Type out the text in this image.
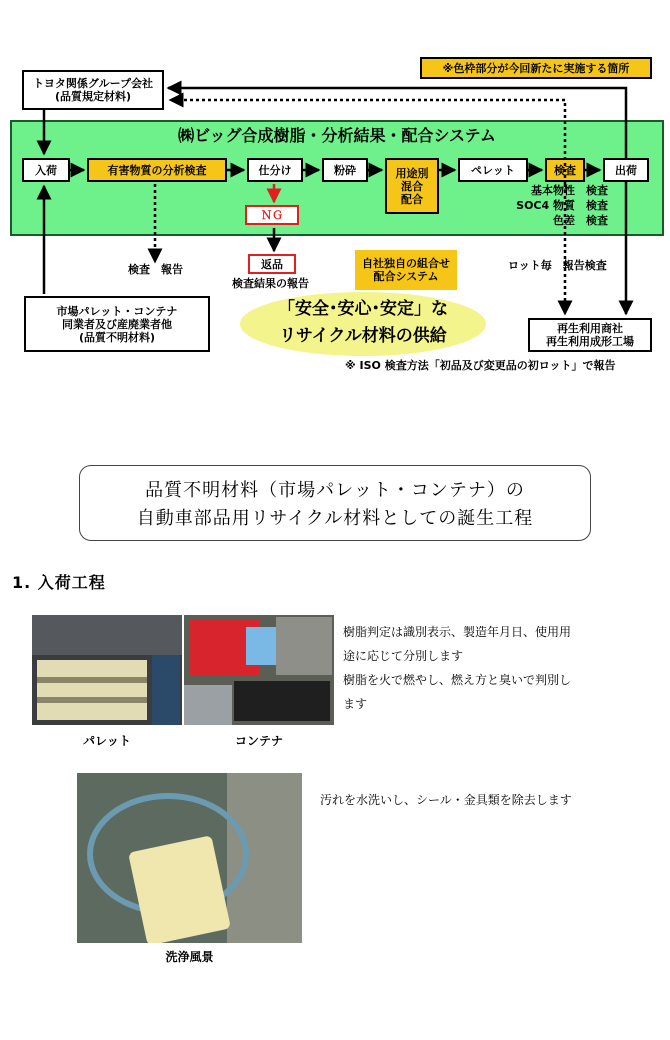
※色枠部分が今回新たに実施する箇所
トヨタ関係グループ会社
(品質規定材料)
㈱ビッグ合成樹脂・分析結果・配合システム
入荷	有害物質の分析検査	仕分け	粉砕	用途別
混合
配合
ペレット	検査	出荷
基本物性　検査
SOC4 物質　検査
色差　検査
ＮＧ
返品
検査結果の報告
検査　報告	自社独自の組合せ
配合システム
ロット毎　報告検査
市場パレット・コンテナ
同業者及び産廃業者他
(品質不明材料)
「安全･安心･安定」な
リサイクル材料の供給	再生利用商社
再生利用成形工場
※ ISO 検査方法「初品及び変更品の初ロット」で報告
品質不明材料（市場パレット・コンテナ）の
自動車部品用リサイクル材料としての誕生工程
1. 入荷工程
パレット	コンテナ
樹脂判定は識別表示、製造年月日、使用用
途に応じて分別します
樹脂を火で燃やし、燃え方と臭いで判別し
ます
洗浄風景
汚れを水洗いし、シール・金具類を除去します
